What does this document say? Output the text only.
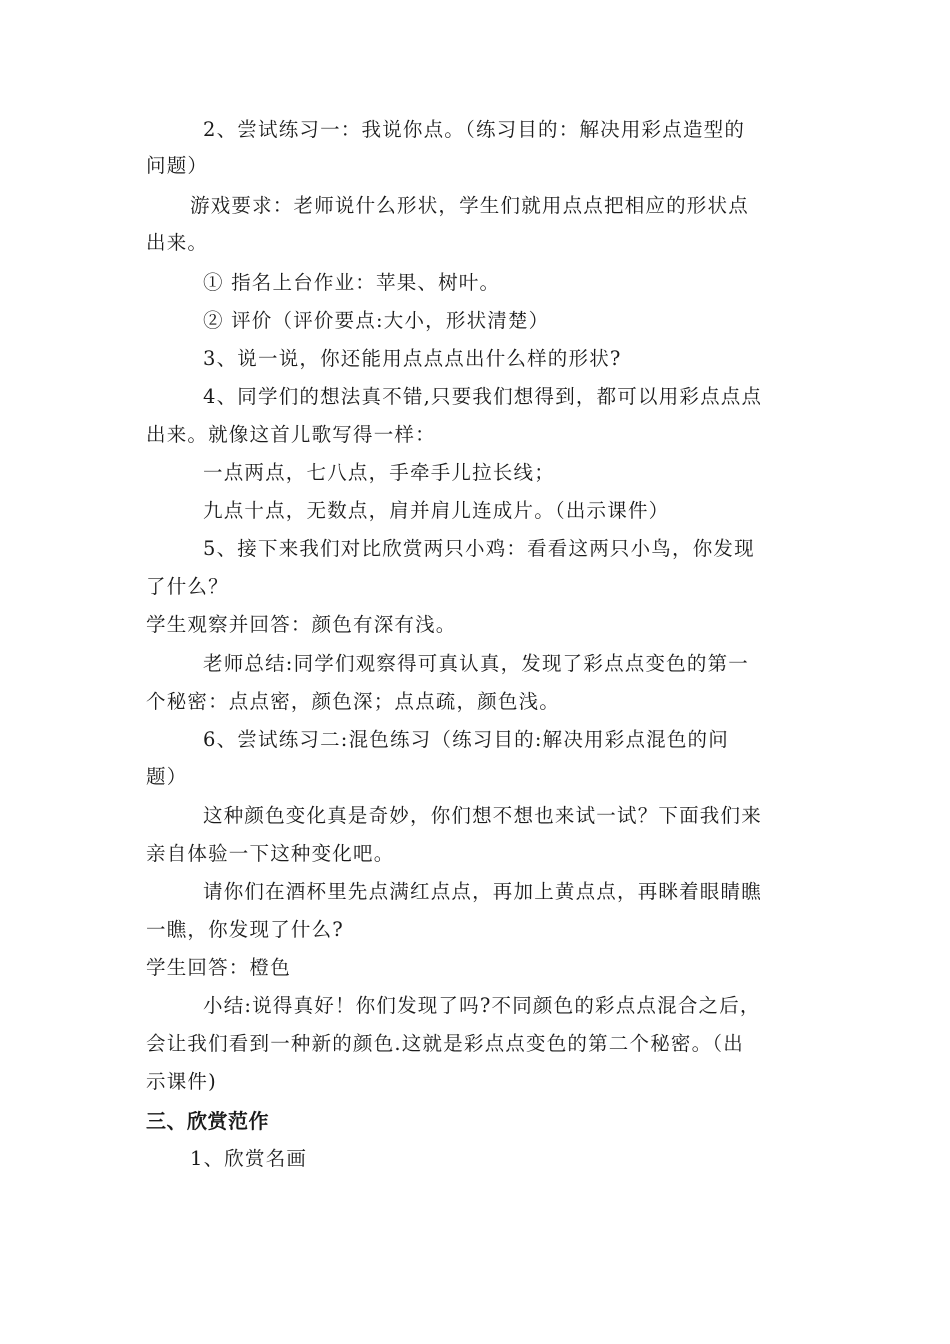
2、尝试练习一：我说你点。（练习目的：解决用彩点造型的
问题）
游戏要求：老师说什么形状，学生们就用点点把相应的形状点
出来。
① 指名上台作业：苹果、树叶。
② 评价（评价要点:大小，形状清楚）
3、说一说，你还能用点点点出什么样的形状?
4、同学们的想法真不错,只要我们想得到，都可以用彩点点点
出来。就像这首儿歌写得一样：
一点两点，七八点，手牵手儿拉长线；
九点十点，无数点，肩并肩儿连成片。（出示课件）
5、接下来我们对比欣赏两只小鸡：看看这两只小鸟，你发现
了什么？
学生观察并回答：颜色有深有浅。
老师总结:同学们观察得可真认真，发现了彩点点变色的第一
个秘密：点点密，颜色深；点点疏，颜色浅。
6、尝试练习二:混色练习（练习目的:解决用彩点混色的问
题）
这种颜色变化真是奇妙，你们想不想也来试一试？下面我们来
亲自体验一下这种变化吧。
请你们在酒杯里先点满红点点，再加上黄点点，再眯着眼睛瞧
一瞧，你发现了什么?
学生回答：橙色
小结:说得真好！你们发现了吗?不同颜色的彩点点混合之后，
会让我们看到一种新的颜色.这就是彩点点变色的第二个秘密。（出
示课件)
三、欣赏范作
1、欣赏名画
